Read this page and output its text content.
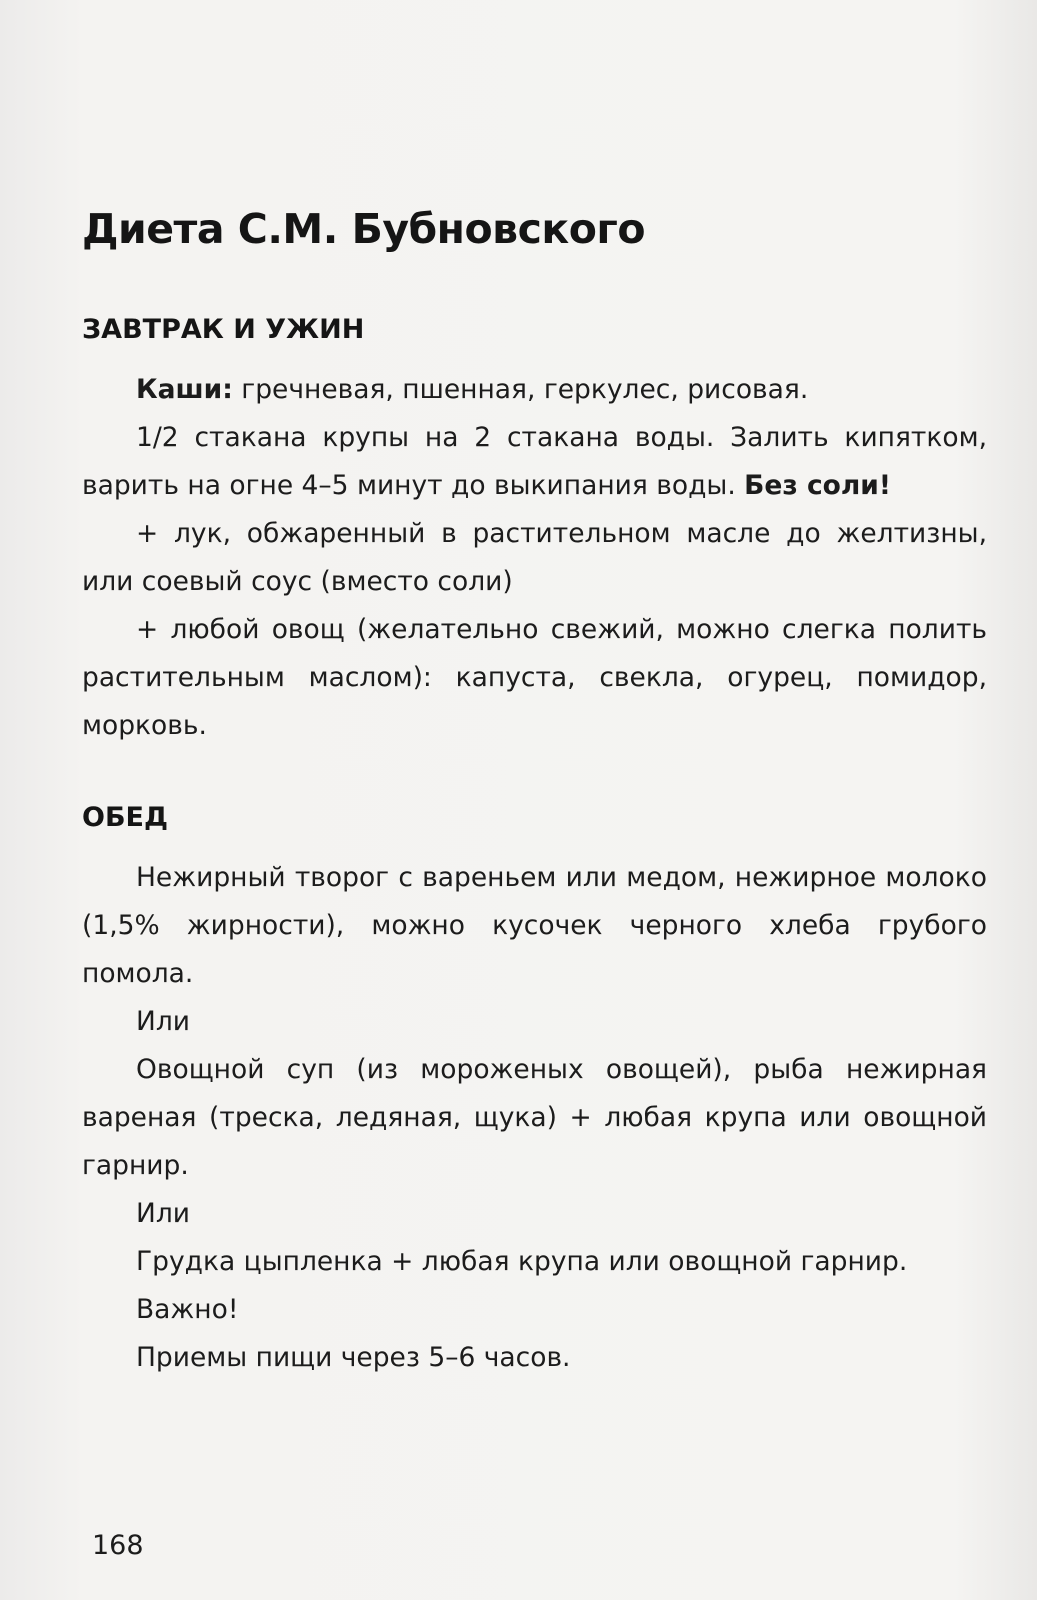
Диета С.М. Бубновского
ЗАВТРАК И УЖИН

Каши: гречневая, пшенная, геркулес, рисовая.

1/2 стакана крупы на 2 стакана воды. Залить кипятком, варить на огне 4–5 минут до выкипания воды. Без соли!

+ лук, обжаренный в растительном масле до желтизны, или соевый соус (вместо соли)

+ любой овощ (желательно свежий, можно слегка полить растительным маслом): капуста, свекла, огурец, помидор, морковь.

ОБЕД

Нежирный творог с вареньем или медом, нежирное молоко (1,5% жирности), можно кусочек черного хлеба грубого помола.

Или

Овощной суп (из мороженых овощей), рыба нежирная вареная (треска, ледяная, щука) + любая крупа или овощной гарнир.

Или

Грудка цыпленка + любая крупа или овощной гарнир.

Важно!

Приемы пищи через 5–6 часов.

168
